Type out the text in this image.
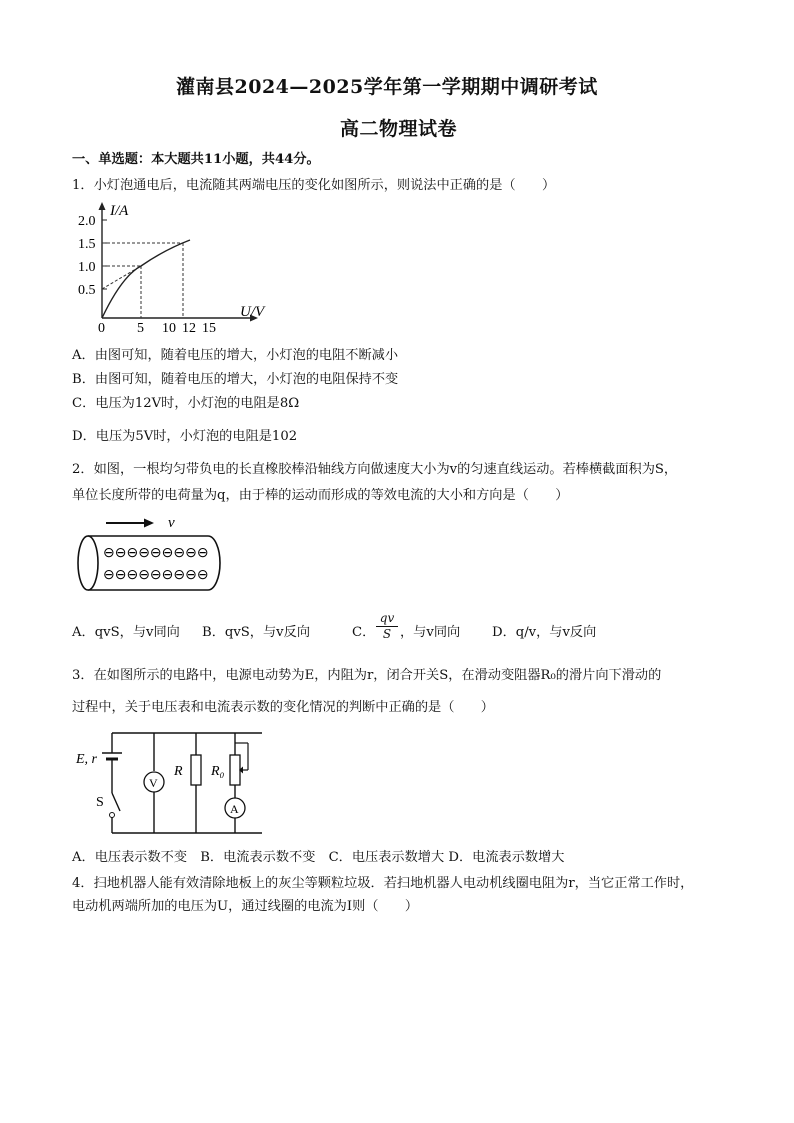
灌南县2024—2025学年第一学期期中调研考试
高二物理试卷
一、单选题：本大题共11小题，共44分。
1．小灯泡通电后，电流随其两端电压的变化如图所示，则说法中正确的是（　　）
I/A
2.0
1.5
1.0
0.5
0 5 10 12 15
U/V
A．由图可知，随着电压的增大，小灯泡的电阻不断减小
B．由图可知，随着电压的增大，小灯泡的电阻保持不变
C．电压为12V时，小灯泡的电阻是8Ω
D．电压为5V时，小灯泡的电阻是102
2．如图，一根均匀带负电的长直橡胶棒沿轴线方向做速度大小为v的匀速直线运动。若棒横截面积为S，
单位长度所带的电荷量为q，由于棒的运动而形成的等效电流的大小和方向是（　　）
v
⊖⊖⊖⊖⊖⊖⊖⊖⊖
⊖⊖⊖⊖⊖⊖⊖⊖⊖
A．qvS，与v同向 B．qvS，与v反向	C． $\frac{qv}{S}$ ，与v同向 D．q/v，与v反向
3．在如图所示的电路中，电源电动势为E，内阻为r，闭合开关S，在滑动变阻器R₀的滑片向下滑动的
过程中，关于电压表和电流表示数的变化情况的判断中正确的是（　　）
E, r
S
V
R
A
R₀
A．电压表示数不变　B．电流表示数不变　C．电压表示数增大 D．电流表示数增大
4．扫地机器人能有效清除地板上的灰尘等颗粒垃圾．若扫地机器人电动机线圈电阻为r，当它正常工作时，
电动机两端所加的电压为U，通过线圈的电流为I则（　　）
